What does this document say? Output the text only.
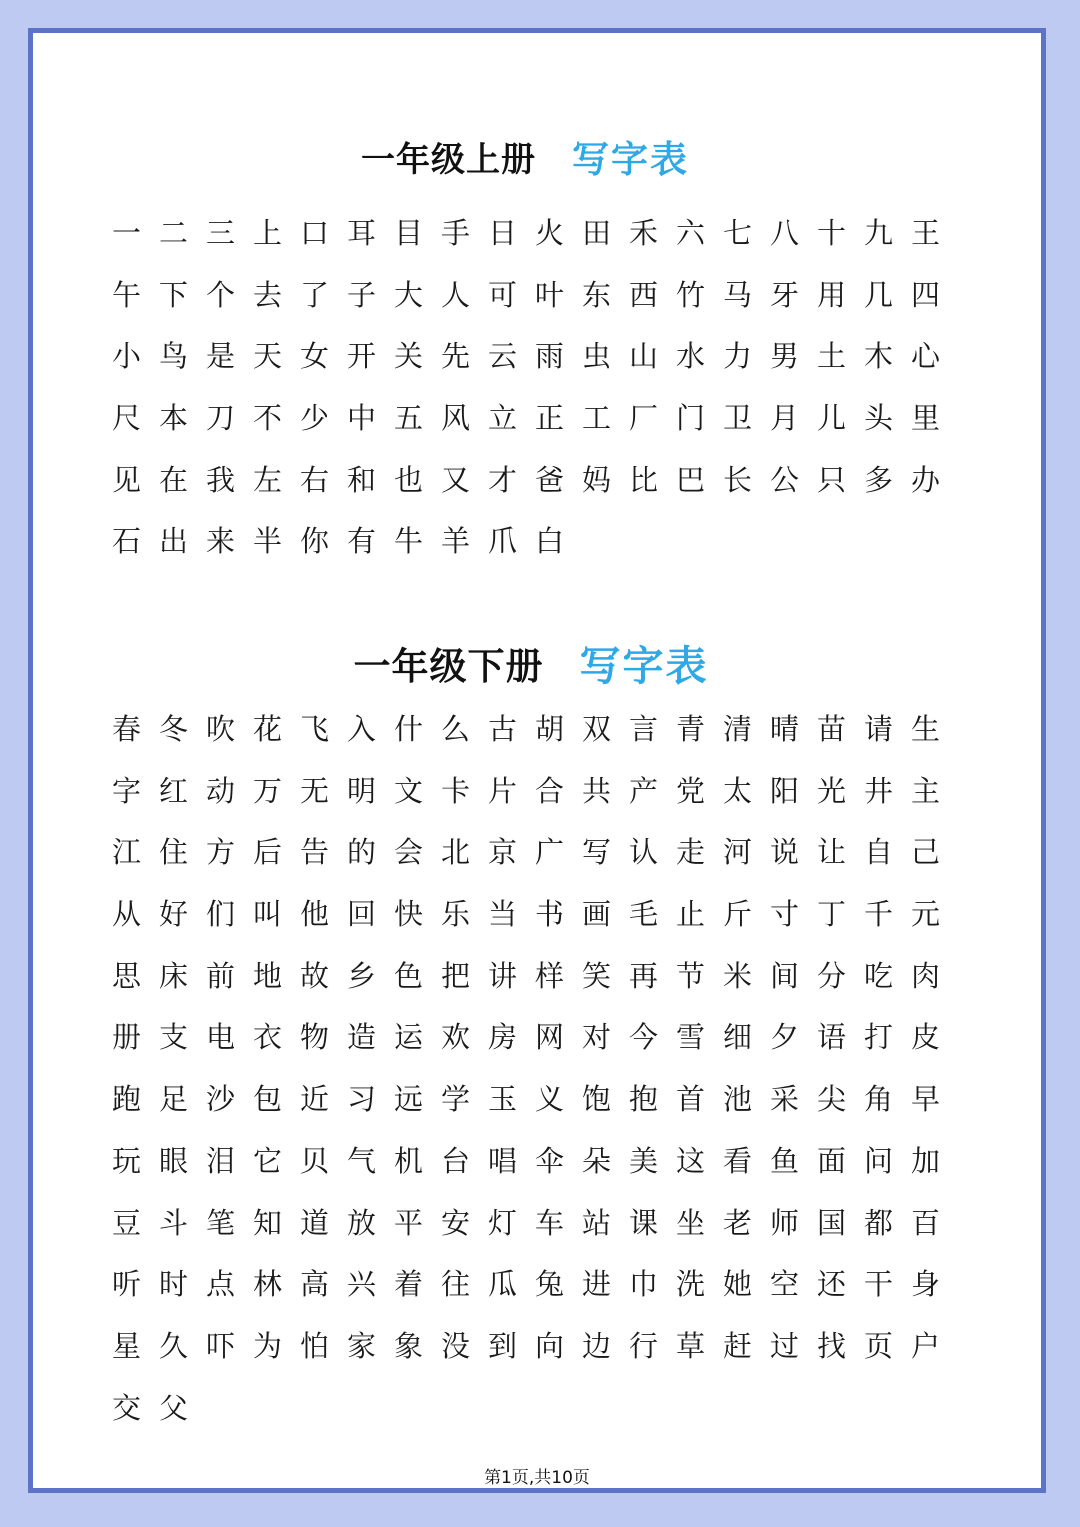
一年级上册 写字表
一 二 三 上 口 耳 目 手 日 火 田 禾 六 七 八 十 九 王
午 下 个 去 了 子 大 人 可 叶 东 西 竹 马 牙 用 几 四
小 鸟 是 天 女 开 关 先 云 雨 虫 山 水 力 男 土 木 心
尺 本 刀 不 少 中 五 风 立 正 工 厂 门 卫 月 儿 头 里
见 在 我 左 右 和 也 又 才 爸 妈 比 巴 长 公 只 多 办
石 出 来 半 你 有 牛 羊 爪 白
一年级下册 写字表
春 冬 吹 花 飞 入 什 么 古 胡 双 言 青 清 晴 苗 请 生
字 红 动 万 无 明 文 卡 片 合 共 产 党 太 阳 光 井 主
江 住 方 后 告 的 会 北 京 广 写 认 走 河 说 让 自 己
从 好 们 叫 他 回 快 乐 当 书 画 毛 止 斤 寸 丁 千 元
思 床 前 地 故 乡 色 把 讲 样 笑 再 节 米 间 分 吃 肉
册 支 电 衣 物 造 运 欢 房 网 对 今 雪 细 夕 语 打 皮
跑 足 沙 包 近 习 远 学 玉 义 饱 抱 首 池 采 尖 角 早
玩 眼 泪 它 贝 气 机 台 唱 伞 朵 美 这 看 鱼 面 问 加
豆 斗 笔 知 道 放 平 安 灯 车 站 课 坐 老 师 国 都 百
听 时 点 林 高 兴 着 往 瓜 兔 进 巾 洗 她 空 还 干 身
星 久 吓 为 怕 家 象 没 到 向 边 行 草 赶 过 找 页 户
交 父
第1页,共10页
